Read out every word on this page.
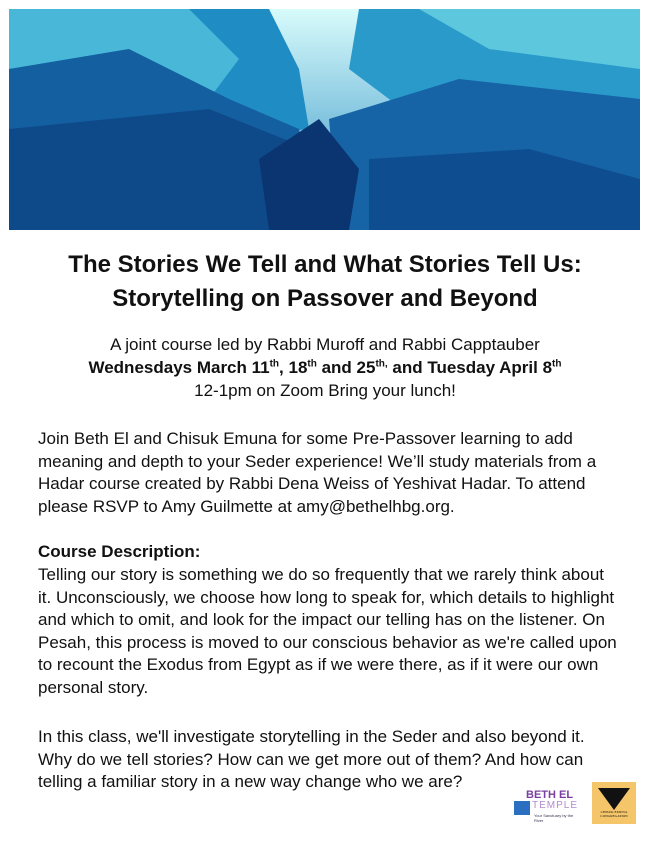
The Stories We Tell and What Stories Tell Us:
Storytelling on Passover and Beyond
A joint course led by Rabbi Muroff and Rabbi Capptauber
Wednesdays March 11th, 18th and $25^{th,}$ and Tuesday April 8th
12-1pm on Zoom Bring your lunch!

Join Beth El and Chisuk Emuna for some Pre-Passover learning to add meaning and depth to your Seder experience! We’ll study materials from a Hadar course created by Rabbi Dena Weiss of Yeshivat Hadar. To attend please RSVP to Amy Guilmette at amy@bethelhbg.org.

Course Description:

Telling our story is something we do so frequently that we rarely think about it. Unconsciously, we choose how long to speak for, which details to highlight and which to omit, and look for the impact our telling has on the listener. On Pesah, this process is moved to our conscious behavior as we're called upon to recount the Exodus from Egypt as if we were there, as if it were our own personal story.

In this class, we'll investigate storytelling in the Seder and also beyond it. Why do we tell stories? How can we get more out of them? And how can telling a familiar story in a new way change who we are?

BETH EL
TEMPLE
Your Sanctuary by the River
CHISUK EMUNA
CONGREGATION
